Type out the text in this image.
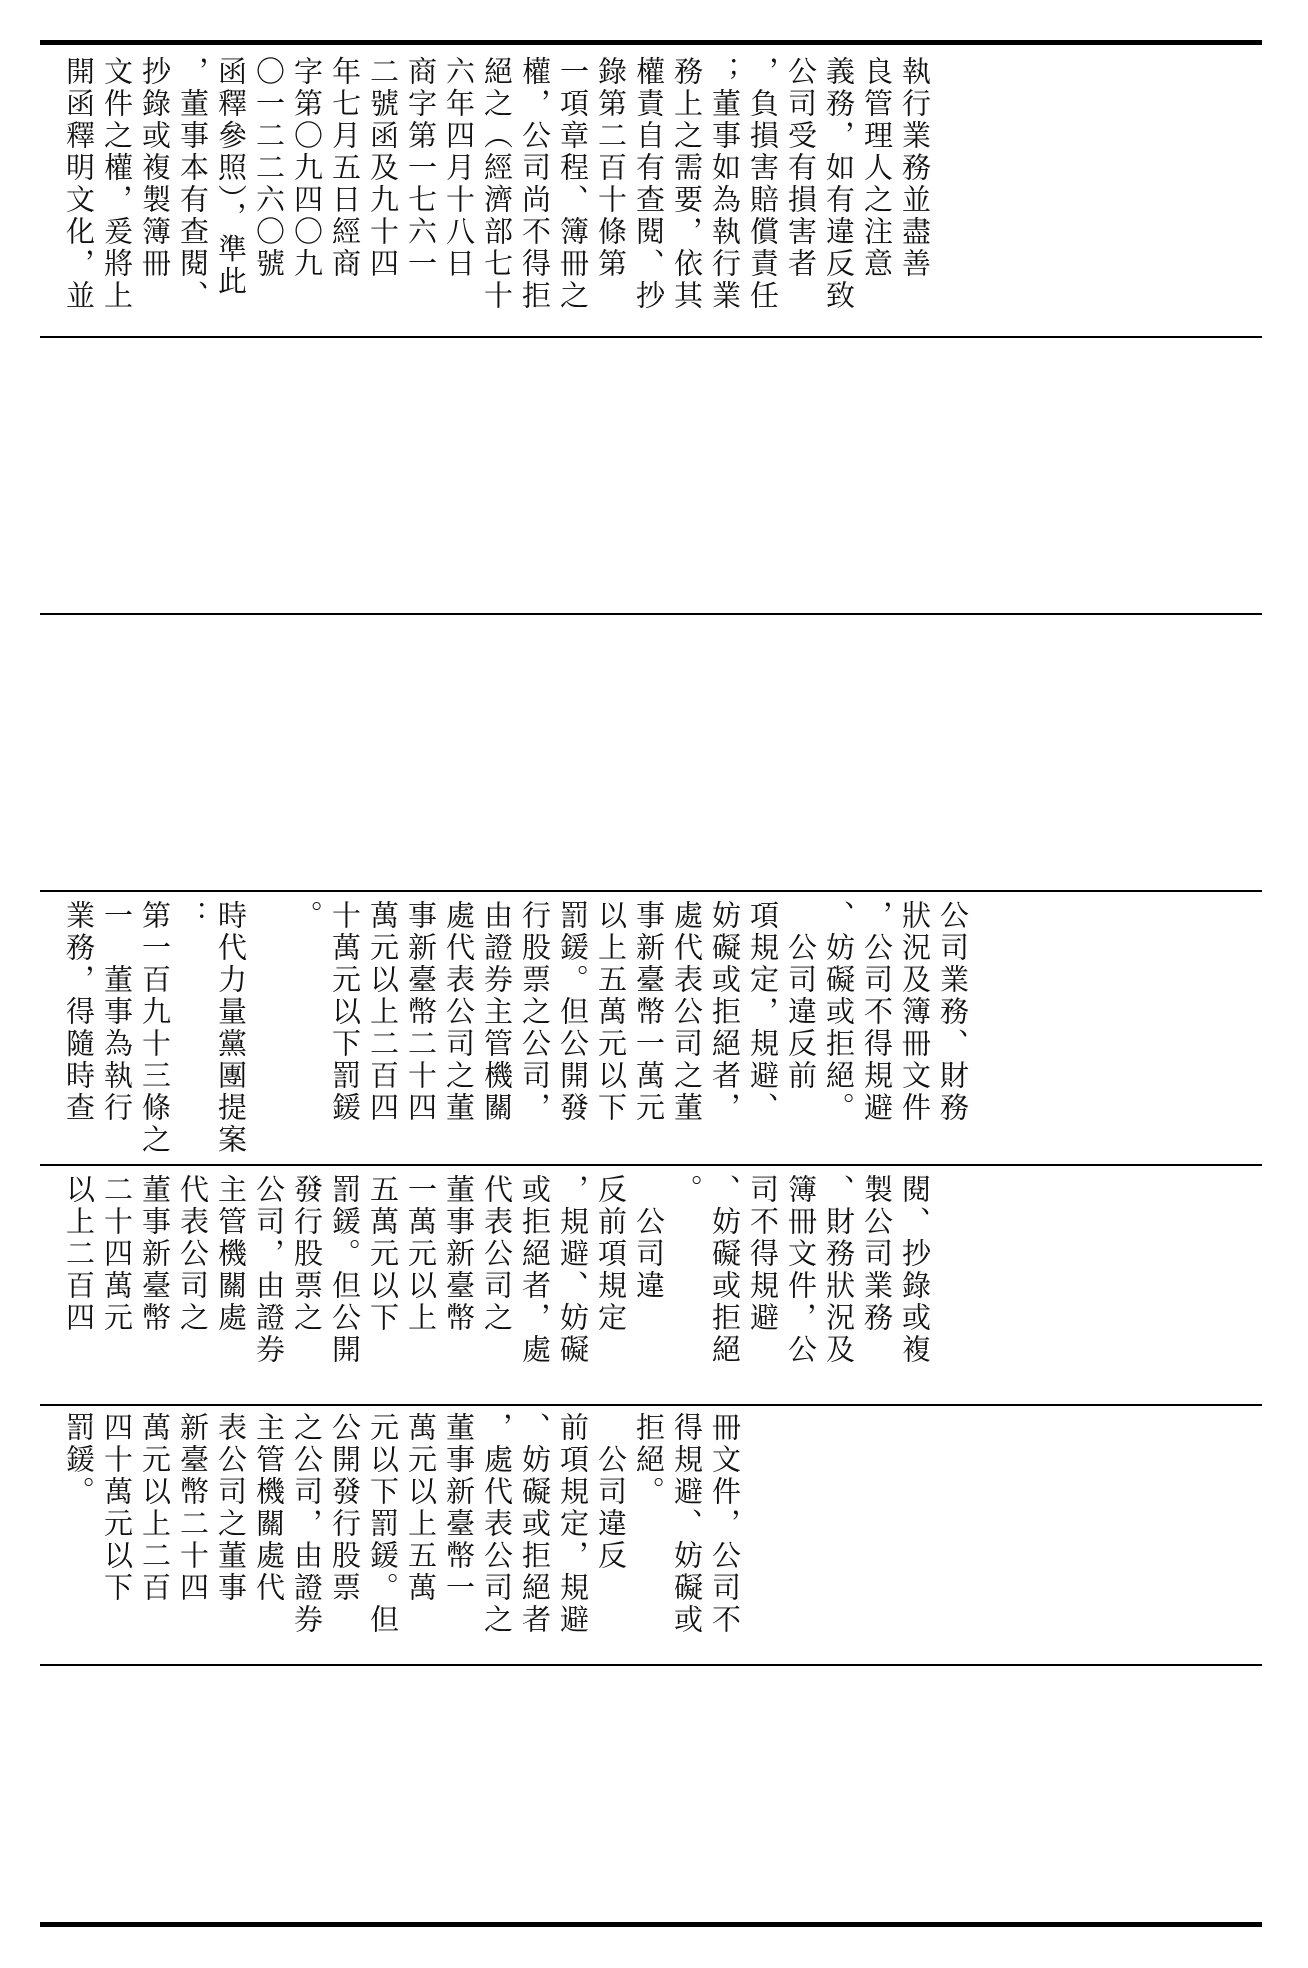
執行業務並盡善
良管理人之注意
義務，如有違反致
公司受有損害者
，負損害賠償責任
；董事如為執行業
務上之需要，依其
權責自有查閱、抄
錄第二百十條第
一項章程、簿冊之
權，公司尚不得拒
絕之（經濟部七十
六年四月十八日
商字第一七六一
二號函及九十四
年七月五日經商
字第〇九四〇九
〇一二二六〇號
函釋參照），準此
，董事本有查閱、
抄錄或複製簿冊
文件之權，爰將上
開函釋明文化，並
公司業務、財務
狀況及簿冊文件
，公司不得規避
、妨礙或拒絕。
　公司違反前
項規定，規避、
妨礙或拒絕者，
處代表公司之董
事新臺幣一萬元
以上五萬元以下
罰鍰。但公開發
行股票之公司，
由證券主管機關
處代表公司之董
事新臺幣二十四
萬元以上二百四
十萬元以下罰鍰
。

時代力量黨團提案
：
第一百九十三條之
一　董事為執行
業務，得隨時查
閱、抄錄或複
製公司業務
、財務狀況及
簿冊文件，公
司不得規避
、妨礙或拒絕
。
　公司違
反前項規定
，規避、妨礙
或拒絕者，處
代表公司之
董事新臺幣
一萬元以上
五萬元以下
罰鍰。但公開
發行股票之
公司，由證券
主管機關處
代表公司之
董事新臺幣
二十四萬元
以上二百四
冊文件，公司不
得規避、妨礙或
拒絕。
　公司違反
前項規定，規避
、妨礙或拒絕者
，處代表公司之
董事新臺幣一
萬元以上五萬
元以下罰鍰。但
公開發行股票
之公司，由證券
主管機關處代
表公司之董事
新臺幣二十四
萬元以上二百
四十萬元以下
罰鍰。
